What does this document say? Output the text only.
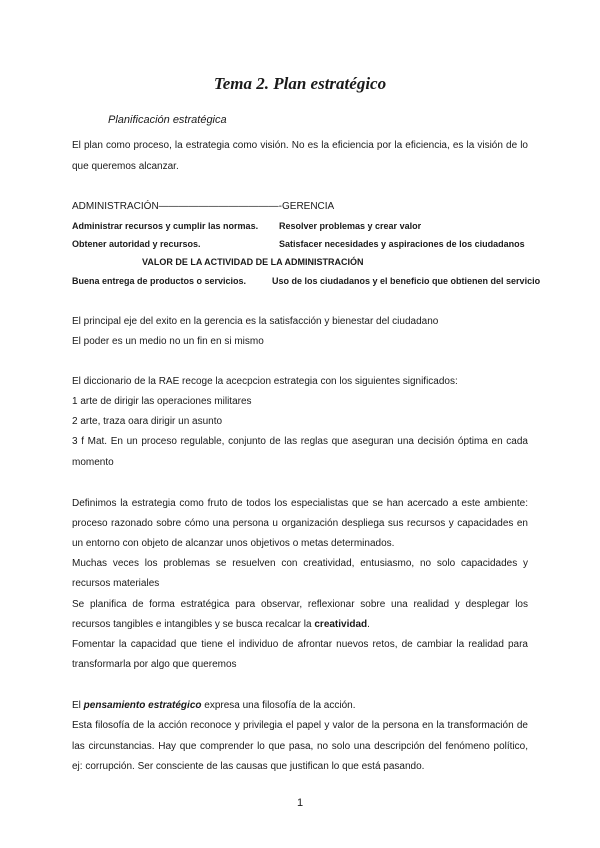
Tema 2. Plan estratégico
Planificación estratégica
El plan como proceso, la estrategia como visión. No es la eficiencia por la eficiencia, es la visión de lo
que queremos alcanzar.
ADMINISTRACIÓN————————————-GERENCIA
Administrar recursos y cumplir las normas. Resolver problemas y crear valor
Obtener autoridad y recursos.	Satisfacer necesidades y aspiraciones de los ciudadanos
VALOR DE LA ACTIVIDAD DE LA ADMINISTRACIÓN
Buena entrega de productos o servicios.	Uso de los ciudadanos y el beneficio que obtienen del servicio
El principal eje del exito en la gerencia es la satisfacción y bienestar del ciudadano
El poder es un medio no un fin en si mismo
El diccionario de la RAE recoge la acecpcion estrategia con los siguientes significados:
1 arte de dirigir las operaciones militares
2 arte, traza oara dirigir un asunto
3 f Mat. En un proceso regulable, conjunto de las reglas que aseguran una decisión óptima en cada
momento
Definimos la estrategia como fruto de todos los especialistas que se han acercado a este ambiente:
proceso razonado sobre cómo una persona u organización despliega sus recursos y capacidades en
un entorno con objeto de alcanzar unos objetivos o metas determinados.
Muchas veces los problemas se resuelven con creatividad, entusiasmo, no solo capacidades y
recursos materiales
Se planifica de forma estratégica para observar, reflexionar sobre una realidad y desplegar los
recursos tangibles e intangibles y se busca recalcar la creatividad.
Fomentar la capacidad que tiene el individuo de afrontar nuevos retos, de cambiar la realidad para
transformarla por algo que queremos
El pensamiento estratégico expresa una filosofía de la acción.
Esta filosofía de la acción reconoce y privilegia el papel y valor de la persona en la transformación de
las circunstancias. Hay que comprender lo que pasa, no solo una descripción del fenómeno político,
ej: corrupción. Ser consciente de las causas que justifican lo que está pasando.
1
